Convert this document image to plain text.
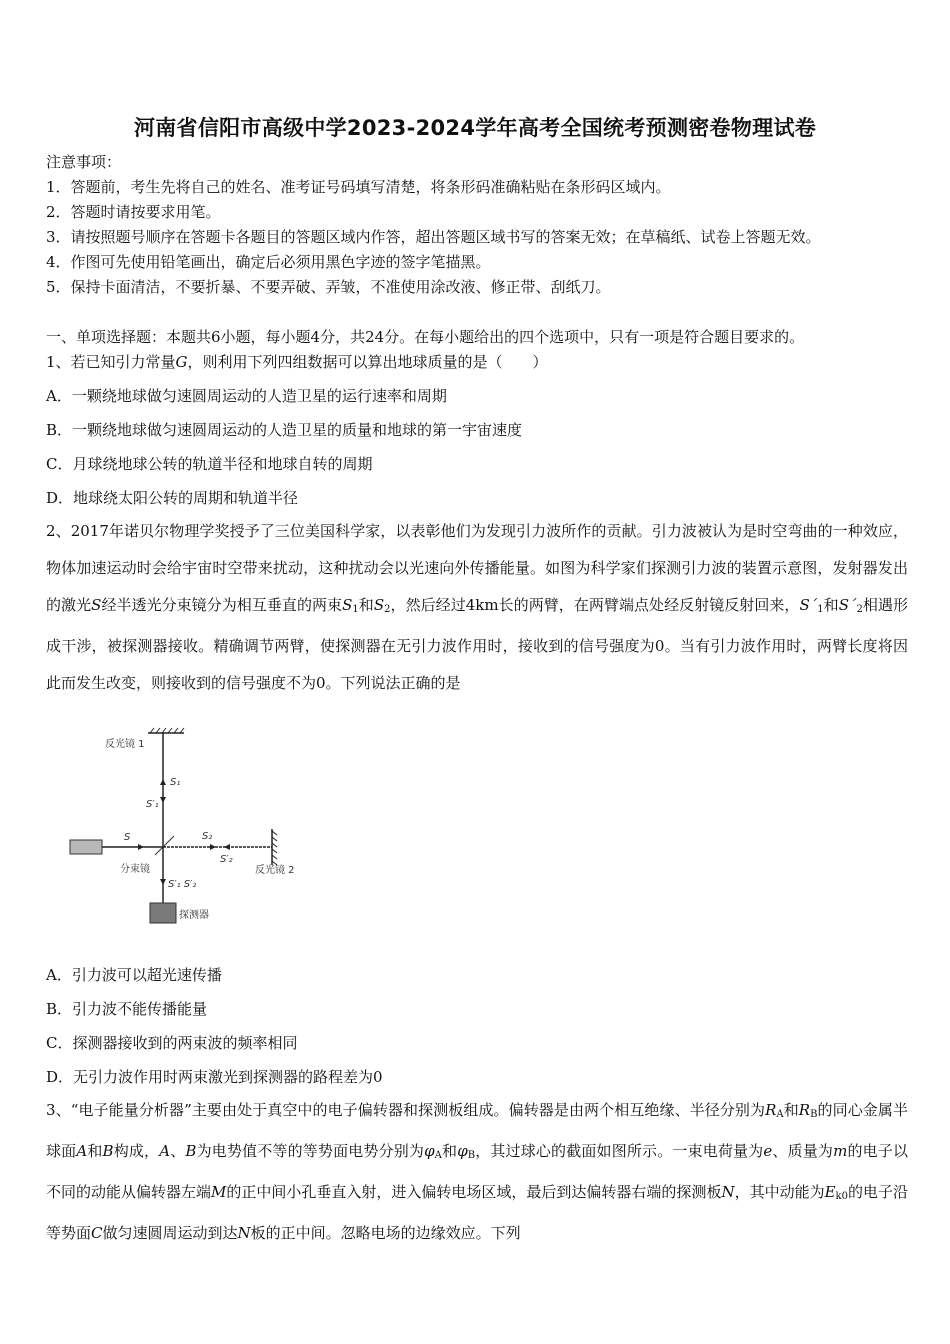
河南省信阳市高级中学2023-2024学年高考全国统考预测密卷物理试卷
注意事项：
1．答题前，考生先将自己的姓名、准考证号码填写清楚，将条形码准确粘贴在条形码区域内。
2．答题时请按要求用笔。
3．请按照题号顺序在答题卡各题目的答题区域内作答，超出答题区域书写的答案无效；在草稿纸、试卷上答题无效。
4．作图可先使用铅笔画出，确定后必须用黑色字迹的签字笔描黑。
5．保持卡面清洁，不要折暴、不要弄破、弄皱，不准使用涂改液、修正带、刮纸刀。
一、单项选择题：本题共6小题，每小题4分，共24分。在每小题给出的四个选项中，只有一项是符合题目要求的。
1、若已知引力常量G，则利用下列四组数据可以算出地球质量的是（　　）
A．一颗绕地球做匀速圆周运动的人造卫星的运行速率和周期
B．一颗绕地球做匀速圆周运动的人造卫星的质量和地球的第一宇宙速度
C．月球绕地球公转的轨道半径和地球自转的周期
D．地球绕太阳公转的周期和轨道半径
2、2017年诺贝尔物理学奖授予了三位美国科学家，以表彰他们为发现引力波所作的贡献。引力波被认为是时空弯曲的一种效应，物体加速运动时会给宇宙时空带来扰动，这种扰动会以光速向外传播能量。如图为科学家们探测引力波的装置示意图，发射器发出的激光S经半透光分束镜分为相互垂直的两束$S_1$和$S_2$，然后经过4km长的两臂，在两臂端点处经反射镜反射回来，$S´_1$和$S´_2$相遇形成干涉，被探测器接收。精确调节两臂，使探测器在无引力波作用时，接收到的信号强度为0。当有引力波作用时，两臂长度将因此而发生改变，则接收到的信号强度不为0。下列说法正确的是
反光镜 1
S₁
S′₁
S
分束镜
S₂
S′₂
反光镜 2
S′₁ S′₂
探测器
A．引力波可以超光速传播
B．引力波不能传播能量
C．探测器接收到的两束波的频率相同
D．无引力波作用时两束激光到探测器的路程差为0
3、“电子能量分析器”主要由处于真空中的电子偏转器和探测板组成。偏转器是由两个相互绝缘、半径分别为$R_A$和$R_B$的同心金属半球面A和B构成，A、B为电势值不等的等势面电势分别为$\varphi_A$和$\varphi_B$，其过球心的截面如图所示。一束电荷量为e、质量为m的电子以不同的动能从偏转器左端M的正中间小孔垂直入射，进入偏转电场区域，最后到达偏转器右端的探测板N，其中动能为$E_{k0}$的电子沿等势面C做匀速圆周运动到达N板的正中间。忽略电场的边缘效应。下列
